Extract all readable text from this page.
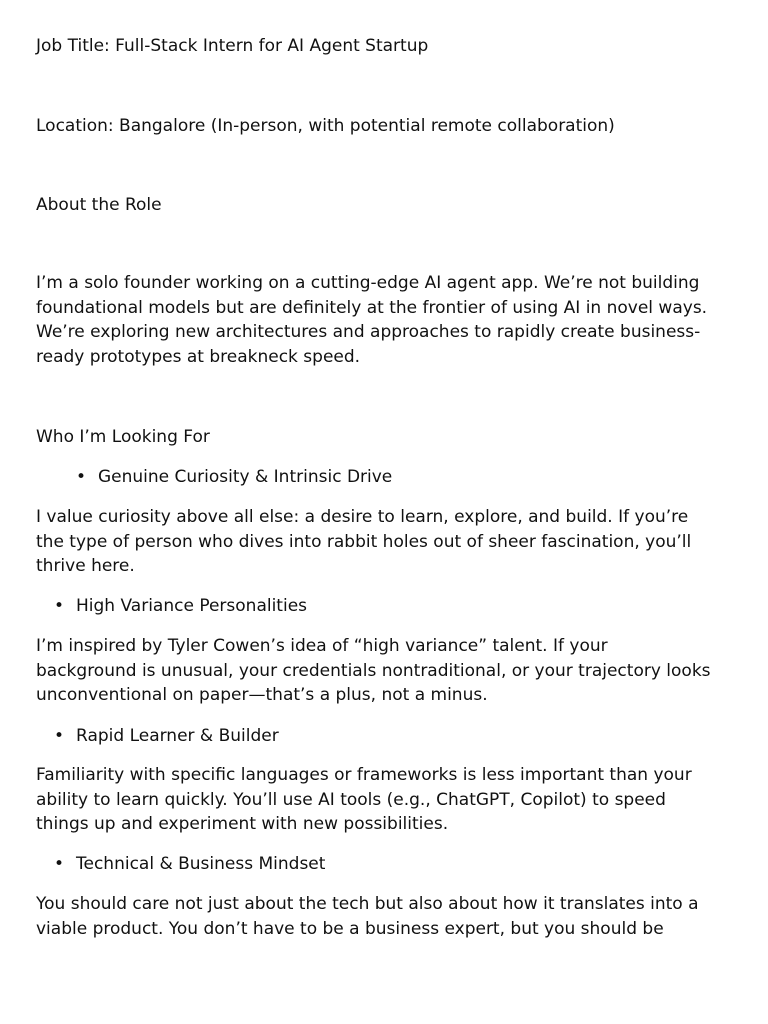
Job Title: Full-Stack Intern for AI Agent Startup
Location: Bangalore (In-person, with potential remote collaboration)
About the Role
I’m a solo founder working on a cutting-edge AI agent app. We’re not building
foundational models but are definitely at the frontier of using AI in novel ways.
We’re exploring new architectures and approaches to rapidly create business-
ready prototypes at breakneck speed.
Who I’m Looking For
• Genuine Curiosity & Intrinsic Drive
I value curiosity above all else: a desire to learn, explore, and build. If you’re
the type of person who dives into rabbit holes out of sheer fascination, you’ll
thrive here.
• High Variance Personalities
I’m inspired by Tyler Cowen’s idea of “high variance” talent. If your
background is unusual, your credentials nontraditional, or your trajectory looks
unconventional on paper—that’s a plus, not a minus.
• Rapid Learner & Builder
Familiarity with specific languages or frameworks is less important than your
ability to learn quickly. You’ll use AI tools (e.g., ChatGPT, Copilot) to speed
things up and experiment with new possibilities.
• Technical & Business Mindset
You should care not just about the tech but also about how it translates into a
viable product. You don’t have to be a business expert, but you should be
